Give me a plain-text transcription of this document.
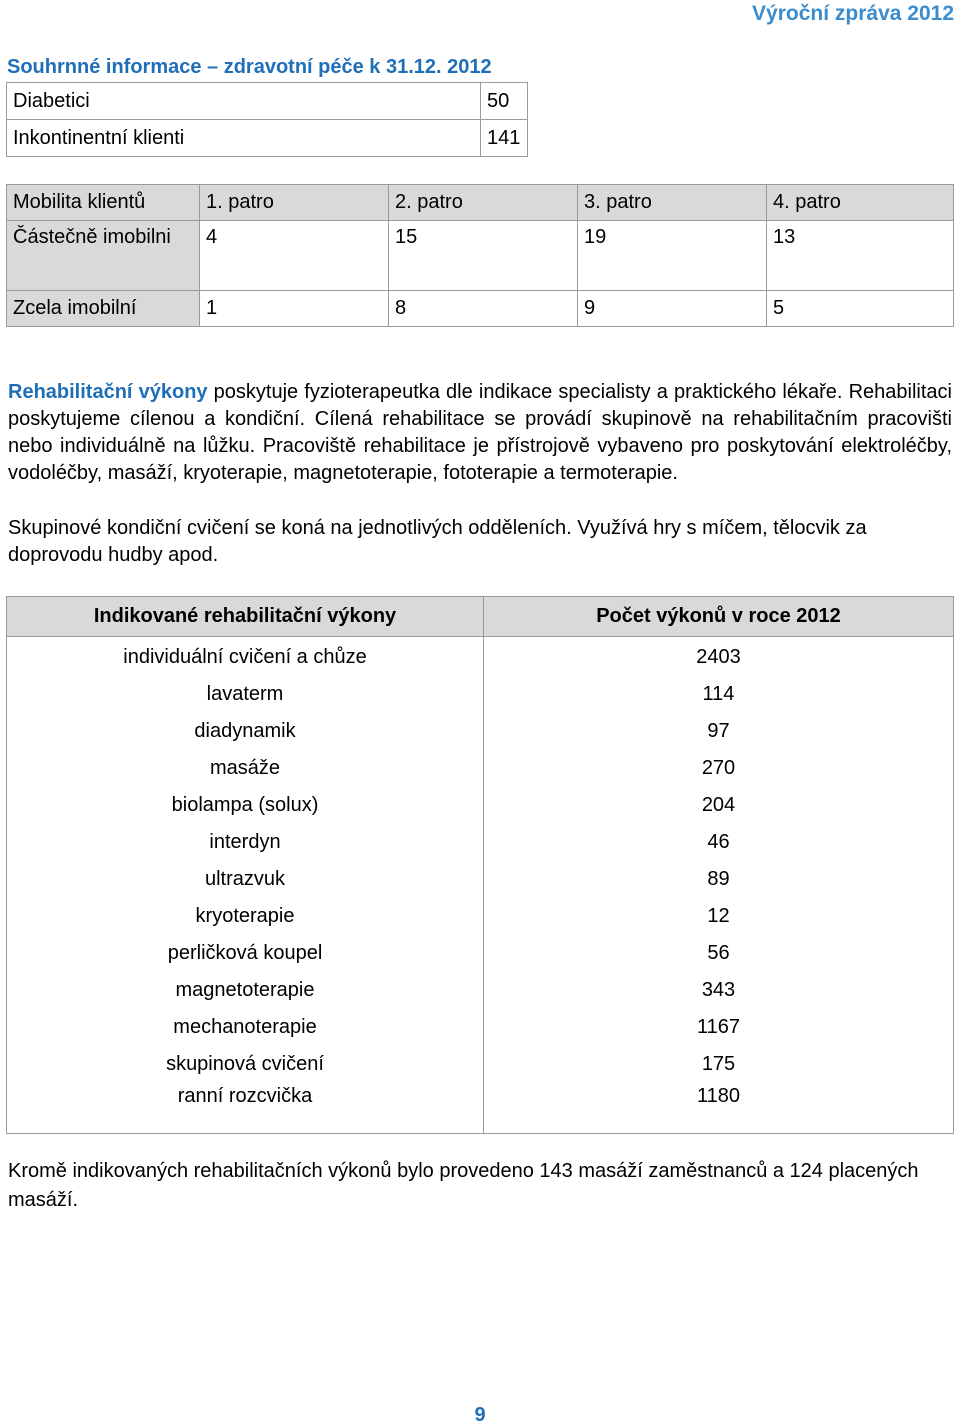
Výroční zpráva 2012
Souhrnné informace – zdravotní péče k 31.12. 2012
Diabetici	50
Inkontinentní klienti	141
Mobilita klientů	1. patro	2. patro	3. patro	4. patro
Částečně imobilni	4	15	19	13
Zcela imobilní	1	8	9	5
Rehabilitační výkony poskytuje fyzioterapeutka dle indikace specialisty a praktického lékaře. Rehabilitaci poskytujeme cílenou a kondiční. Cílená rehabilitace se provádí skupinově na rehabilitačním pracovišti nebo individuálně na lůžku. Pracoviště rehabilitace je přístrojově vybaveno pro poskytování elektroléčby, vodoléčby, masáží, kryoterapie, magnetoterapie, fototerapie a termoterapie.
Skupinové kondiční cvičení se koná na jednotlivých odděleních. Využívá hry s míčem, tělocvik za doprovodu hudby apod.
Indikované rehabilitační výkony	Počet výkonů v roce 2012
individuální cvičení a chůze	2403
lavaterm	114
diadynamik	97
masáže	270
biolampa (solux)	204
interdyn	46
ultrazvuk	89
kryoterapie	12
perličková koupel	56
magnetoterapie	343
mechanoterapie	1167
skupinová cvičení	175
ranní rozcvička	1180
Kromě indikovaných rehabilitačních výkonů bylo provedeno 143 masáží zaměstnanců a 124 placených masáží.
9
